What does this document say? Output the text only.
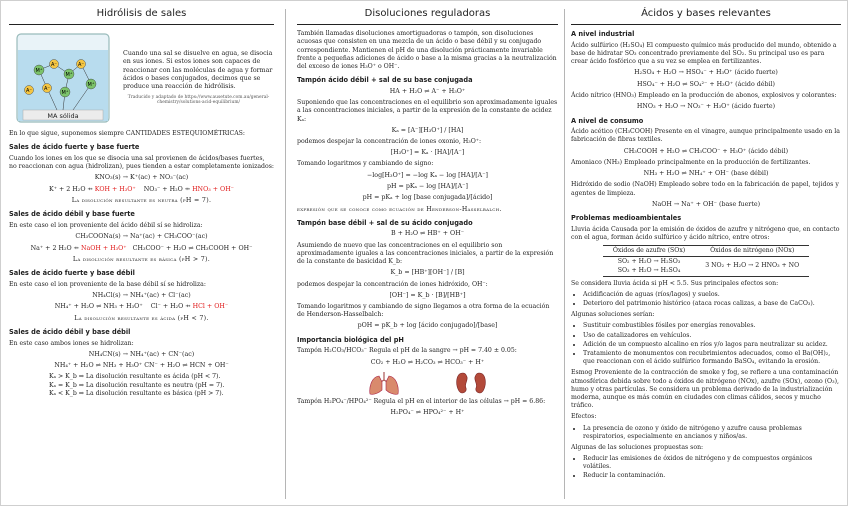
Hidrólisis de sales
M⁺
A⁻
M⁺
A⁻
A⁻
M⁺
M⁺
A⁻
MA sólida

Cuando una sal se disuelve en agua, se disocia en sus iones. Si estos iones son capaces de reaccionar con las moléculas de agua y formar ácidos o bases conjugados, decimos que se produce una reacción de hidrólisis.

Traducido y adaptado de https://www.ausetute.com.au/general-chemistry/solutions-acid-equilibrium/

En lo que sigue, suponemos siempre CANTIDADES ESTEQUIOMÉTRICAS:

Sales de ácido fuerte y base fuerte

Cuando los iones en los que se disocia una sal provienen de ácidos/bases fuertes, no reaccionan con agua (hidrolizan), pues tienden a estar completamente ionizados:

KNO₃(s) → K⁺(ac) + NO₃⁻(ac)
K⁺ + 2 H₂O ⇸ KOH + H₃O⁺ NO₃⁻ + H₂O ⇸ HNO₃ + OH⁻
La disolución resultante es neutra (pH = 7).
Sales de ácido débil y base fuerte

En este caso el ion proveniente del ácido débil sí se hidroliza:

CH₃COONa(s) → Na⁺(ac) + CH₃COO⁻(ac)
Na⁺ + 2 H₂O ⇸ NaOH + H₃O⁺ CH₃COO⁻ + H₂O ⇌ CH₃COOH + OH⁻
La disolución resultante es básica (pH > 7).
Sales de ácido fuerte y base débil

En este caso el ion proveniente de la base débil sí se hidroliza:

NH₄Cl(s) → NH₄⁺(ac) + Cl⁻(ac)
NH₄⁺ + H₂O ⇌ NH₃ + H₃O⁺ Cl⁻ + H₂O ⇸ HCl + OH⁻
La disolución resultante es ácida (pH < 7).
Sales de ácido débil y base débil

En este caso ambos iones se hidrolizan:

NH₄CN(s) → NH₄⁺(ac) + CN⁻(ac)
NH₄⁺ + H₂O ⇌ NH₃ + H₃O⁺ CN⁻ + H₂O ⇌ HCN + OH⁻
Kₐ > K_b ⇒ La disolución resultante es ácida (pH < 7).
Kₐ = K_b ⇒ La disolución resultante es neutra (pH = 7).
Kₐ < K_b ⇒ La disolución resultante es básica (pH > 7).
Disoluciones reguladoras

También llamadas disoluciones amortiguadoras o tampón, son disoluciones acuosas que consisten en una mezcla de un ácido o base débil y su conjugado correspondiente. Mantienen el pH de una disolución prácticamente invariable frente a pequeñas adiciones de ácido o base a la misma gracias a la neutralización del exceso de iones H₃O⁺ o OH⁻.

Tampón ácido débil + sal de su base conjugada
HA + H₂O ⇌ A⁻ + H₃O⁺

Suponiendo que las concentraciones en el equilibrio son aproximadamente iguales a las concentraciones iniciales, a partir de la expresión de la constante de acidez Kₐ:

Kₐ = [A⁻][H₃O⁺] / [HA]

podemos despejar la concentración de iones oxonio, H₃O⁺:

[H₃O⁺] = Kₐ · [HA]/[A⁻]

Tomando logaritmos y cambiando de signo:

−log[H₃O⁺] = −log Kₐ − log [HA]/[A⁻]
pH = pKₐ − log [HA]/[A⁻]
pH = pKₐ + log [base conjugada]/[ácido]

expresión que se conoce como ecuación de Henderson-Hasselbalch.

Tampón base débil + sal de su ácido conjugado
B + H₂O ⇌ HB⁺ + OH⁻

Asumiendo de nuevo que las concentraciones en el equilibrio son aproximadamente iguales a las concentraciones iniciales, a partir de la expresión de la constante de basicidad K_b:

K_b = [HB⁺][OH⁻] / [B]

podemos despejar la concentración de iones hidróxido, OH⁻:

[OH⁻] = K_b · [B]/[HB⁺]

Tomando logaritmos y cambiando de signo llegamos a otra forma de la ecuación de Henderson-Hasselbalch:

pOH = pK_b + log [ácido conjugado]/[base]
Importancia biológica del pH

Tampón H₂CO₃/HCO₃⁻ Regula el pH de la sangre → pH = 7.40 ± 0.05:

CO₂ + H₂O ⇌ H₂CO₃ ⇌ HCO₃⁻ + H⁺

Tampón H₂PO₄⁻/HPO₄²⁻ Regula el pH en el interior de las células → pH = 6.86:

H₂PO₄⁻ ⇌ HPO₄²⁻ + H⁺
Ácidos y bases relevantes
A nivel industrial

Ácido sulfúrico (H₂SO₄) El compuesto químico más producido del mundo, obtenido a base de hidratar SO₃ concentrado previamente del SO₂. Su principal uso es para crear ácido fosfórico que a su vez se emplea en fertilizantes.

H₂SO₄ + H₂O → HSO₄⁻ + H₃O⁺ (ácido fuerte)
HSO₄⁻ + H₂O ⇌ SO₄²⁻ + H₃O⁺ (ácido débil)

Ácido nítrico (HNO₃) Empleado en la producción de abonos, explosivos y colorantes:

HNO₃ + H₂O → NO₃⁻ + H₃O⁺ (ácido fuerte)
A nivel de consumo

Ácido acético (CH₃COOH) Presente en el vinagre, aunque principalmente usado en la fabricación de fibras textiles.

CH₃COOH + H₂O ⇌ CH₃COO⁻ + H₃O⁺ (ácido débil)

Amoniaco (NH₃) Empleado principalmente en la producción de fertilizantes.

NH₃ + H₂O ⇌ NH₄⁺ + OH⁻ (base débil)

Hidróxido de sodio (NaOH) Empleado sobre todo en la fabricación de papel, tejidos y agentes de limpieza.

NaOH → Na⁺ + OH⁻ (base fuerte)
Problemas medioambientales

Lluvia ácida Causada por la emisión de óxidos de azufre y nitrógeno que, en contacto con el agua, forman ácido sulfúrico y ácido nítrico, entre otros:

Óxidos de azufre (SOx)	Óxidos de nitrógeno (NOx)

SO₂ + H₂O → H₂SO₃
SO₃ + H₂O → H₂SO₄	3 NO₂ + H₂O → 2 HNO₃ + NO

Se considera lluvia ácida si pH < 5.5. Sus principales efectos son:

• Acidificación de aguas (ríos/lagos) y suelos.
• Deterioro del patrimonio histórico (ataca rocas calizas, a base de CaCO₃).

Algunas soluciones serían:

• Sustituir combustibles fósiles por energías renovables.
• Uso de catalizadores en vehículos.
• Adición de un compuesto alcalino en ríos y/o lagos para neutralizar su acidez.
• Tratamiento de monumentos con recubrimientos adecuados, como el Ba(OH)₂, que reaccionan con el ácido sulfúrico formando BaSO₄, evitando la erosión.

Esmog Proveniente de la contracción de smoke y fog, se refiere a una contaminación atmosférica debida sobre todo a óxidos de nitrógeno (NOx), azufre (SOx), ozono (O₃), humo y otras partículas. Se considera un problema derivado de la industrialización moderna, aunque es más común en ciudades con climas cálidos, secos y mucho tráfico.

Efectos:

• La presencia de ozono y óxido de nitrógeno y azufre causa problemas respiratorios, especialmente en ancianos y niños/as.

Algunas de las soluciones propuestas son:

• Reducir las emisiones de óxidos de nitrógeno y de compuestos orgánicos volátiles.
• Reducir la contaminación.
